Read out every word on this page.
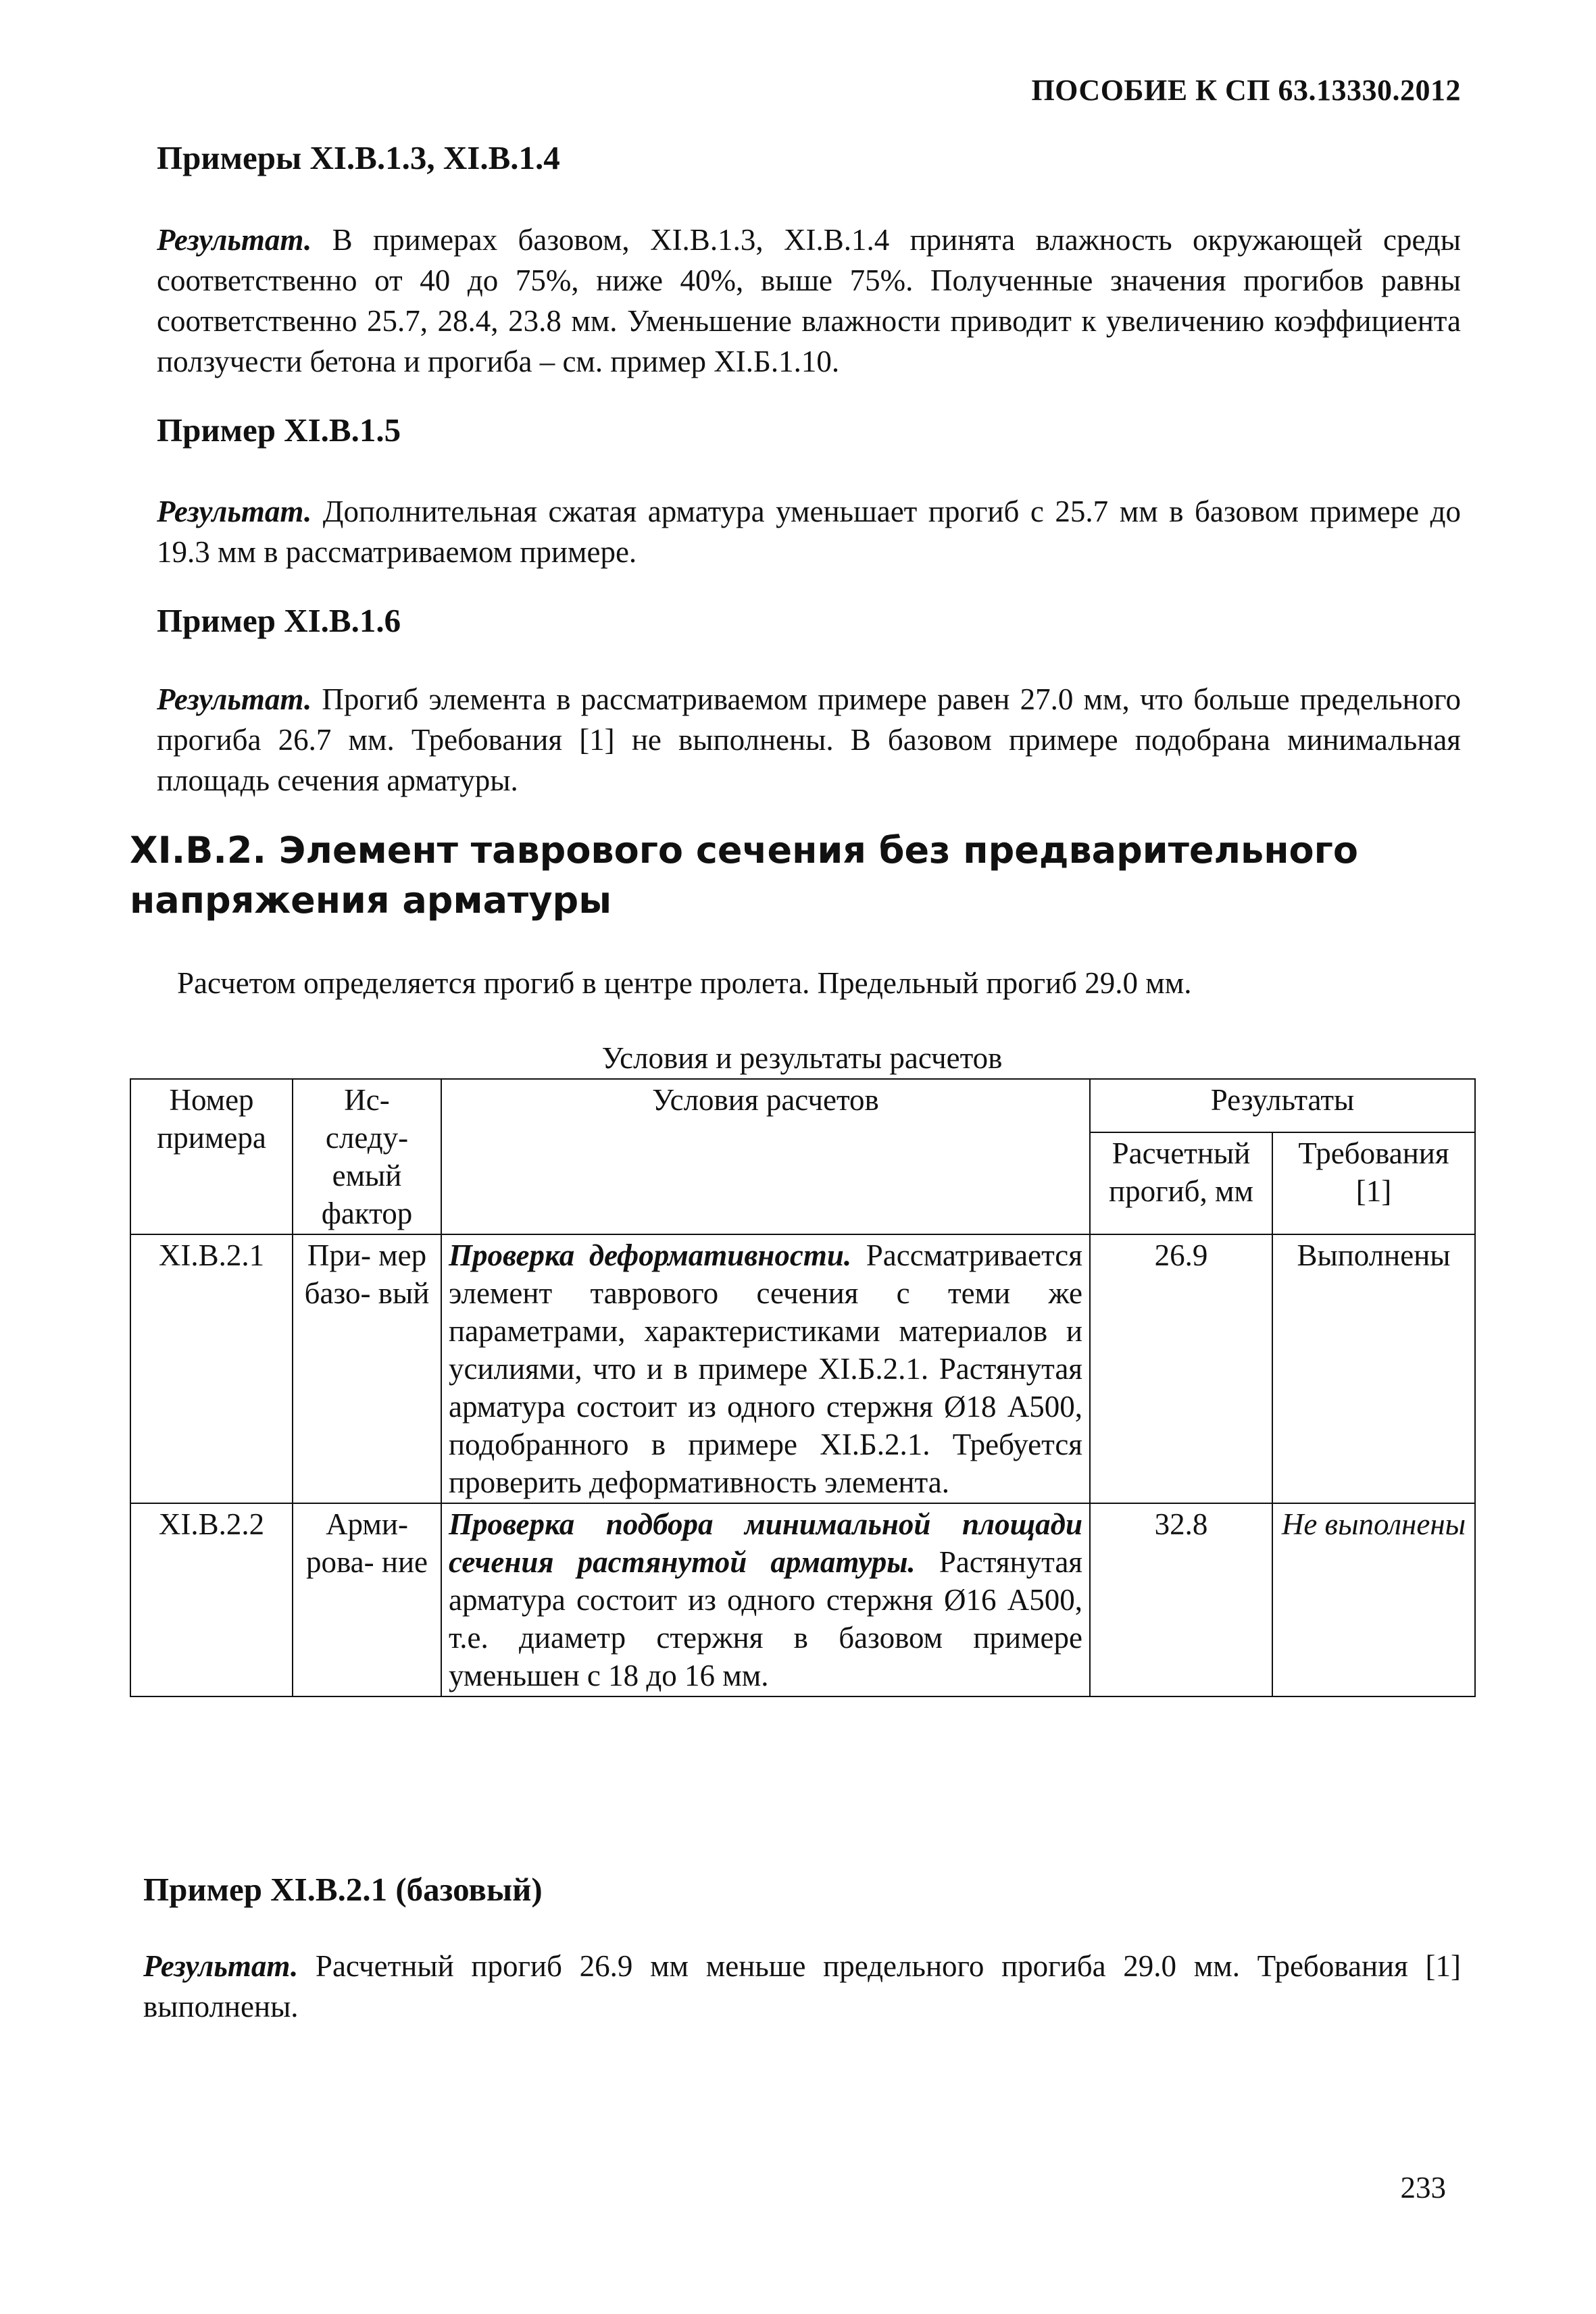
ПОСОБИЕ К СП 63.13330.2012
Примеры XI.В.1.3, XI.В.1.4
Результат. В примерах базовом, XI.В.1.3, XI.В.1.4 принята влажность окружающей среды соответственно от 40 до 75%, ниже 40%, выше 75%. Полученные значения прогибов равны соответственно 25.7, 28.4, 23.8 мм. Уменьшение влажности приводит к увеличению коэффициента ползучести бетона и прогиба – см. пример XI.Б.1.10.
Пример XI.В.1.5
Результат. Дополнительная сжатая арматура уменьшает прогиб с 25.7 мм в базовом примере до 19.3 мм в рассматриваемом примере.
Пример XI.В.1.6
Результат. Прогиб элемента в рассматриваемом примере равен 27.0 мм, что больше предельного прогиба 26.7 мм. Требования [1] не выполнены. В базовом примере подобрана минимальная площадь сечения арматуры.
XI.В.2. Элемент таврового сечения без предварительного напряжения арматуры
Расчетом определяется прогиб в центре пролета. Предельный прогиб 29.0 мм.
Условия и результаты расчетов
Номер примера	Ис- следу- емый фактор	Условия расчетов	Результаты	
			Расчетный прогиб, мм	Требования [1]
XI.В.2.1	При- мер базо- вый	Проверка деформативности. Рассматривается элемент таврового сечения с теми же параметрами, характеристиками материалов и усилиями, что и в примере XI.Б.2.1. Растянутая арматура состоит из одного стержня Ø18 А500, подобранного в примере XI.Б.2.1. Требуется проверить деформативность элемента.	26.9	Выполнены
XI.В.2.2	Арми- рова- ние	Проверка подбора минимальной площади сечения растянутой арматуры. Растянутая арматура состоит из одного стержня Ø16 А500, т.е. диаметр стержня в базовом примере уменьшен с 18 до 16 мм.	32.8	Не выполнены
Пример XI.В.2.1 (базовый)
Результат. Расчетный прогиб 26.9 мм меньше предельного прогиба 29.0 мм. Требования [1] выполнены.
233
